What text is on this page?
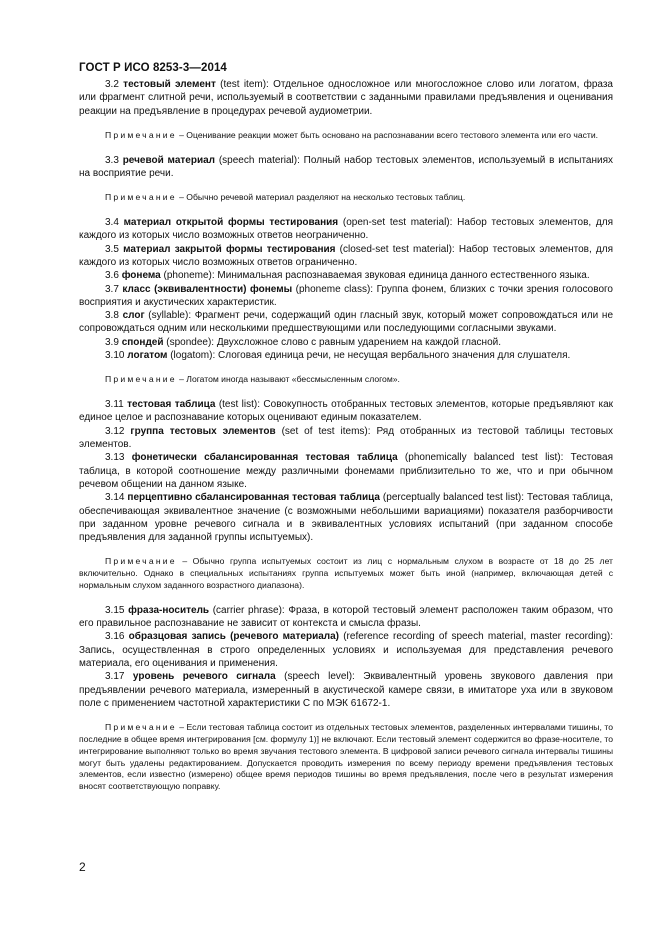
ГОСТ Р ИСО 8253-3—2014

3.2 тестовый элемент (test item): Отдельное односложное или многосложное слово или логатом, фраза или фрагмент слитной речи, используемый в соответствии с заданными правилами предъявления и оценивания реакции на предъявление в процедурах речевой аудиометрии.

Примечание – Оценивание реакции может быть основано на распознавании всего тестового элемента или его части.

3.3 речевой материал (speech material): Полный набор тестовых элементов, используемый в испытаниях на восприятие речи.

Примечание – Обычно речевой материал разделяют на несколько тестовых таблиц.

3.4 материал открытой формы тестирования (open-set test material): Набор тестовых элементов, для каждого из которых число возможных ответов неограниченно.

3.5 материал закрытой формы тестирования (closed-set test material): Набор тестовых элементов, для каждого из которых число возможных ответов ограниченно.

3.6 фонема (phoneme): Минимальная распознаваемая звуковая единица данного естественного языка.

3.7 класс (эквивалентности) фонемы (phoneme class): Группа фонем, близких с точки зрения голосового восприятия и акустических характеристик.

3.8 слог (syllable): Фрагмент речи, содержащий один гласный звук, который может сопровождаться или не сопровождаться одним или несколькими предшествующими или последующими согласными звуками.

3.9 спондей (spondee): Двухсложное слово с равным ударением на каждой гласной.

3.10 логатом (logatom): Слоговая единица речи, не несущая вербального значения для слушателя.

Примечание – Логатом иногда называют «бессмысленным слогом».

3.11 тестовая таблица (test list): Совокупность отобранных тестовых элементов, которые предъявляют как единое целое и распознавание которых оценивают единым показателем.

3.12 группа тестовых элементов (set of test items): Ряд отобранных из тестовой таблицы тестовых элементов.

3.13 фонетически сбалансированная тестовая таблица (phonemically balanced test list): Тестовая таблица, в которой соотношение между различными фонемами приблизительно то же, что и при обычном речевом общении на данном языке.

3.14 перцептивно сбалансированная тестовая таблица (perceptually balanced test list): Тестовая таблица, обеспечивающая эквивалентное значение (с возможными небольшими вариациями) показателя разборчивости при заданном уровне речевого сигнала и в эквивалентных условиях испытаний (при заданном способе предъявления для заданной группы испытуемых).

Примечание – Обычно группа испытуемых состоит из лиц с нормальным слухом в возрасте от 18 до 25 лет включительно. Однако в специальных испытаниях группа испытуемых может быть иной (например, включающая детей с нормальным слухом заданного возрастного диапазона).

3.15 фраза-носитель (carrier phrase): Фраза, в которой тестовый элемент расположен таким образом, что его правильное распознавание не зависит от контекста и смысла фразы.

3.16 образцовая запись (речевого материала) (reference recording of speech material, master recording): Запись, осуществленная в строго определенных условиях и используемая для представления речевого материала, его оценивания и применения.

3.17 уровень речевого сигнала (speech level): Эквивалентный уровень звукового давления при предъявлении речевого материала, измеренный в акустической камере связи, в имитаторе уха или в звуковом поле с применением частотной характеристики C по МЭК 61672-1.

Примечание – Если тестовая таблица состоит из отдельных тестовых элементов, разделенных интервалами тишины, то последние в общее время интегрирования [см. формулу 1)] не включают. Если тестовый элемент содержится во фразе-носителе, то интегрирование выполняют только во время звучания тестового элемента. В цифровой записи речевого сигнала интервалы тишины могут быть удалены редактированием. Допускается проводить измерения по всему периоду времени предъявления тестовых элементов, если известно (измерено) общее время периодов тишины во время предъявления, после чего в результат измерения вносят соответствующую поправку.

2
